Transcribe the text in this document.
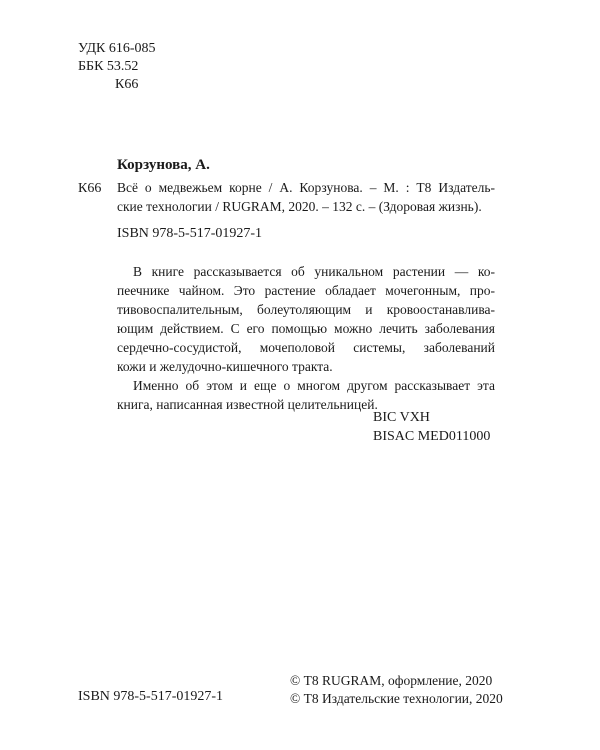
УДК 616-085
ББК 53.52
К66
Корзунова, А.
К66 Всё о медвежьем корне / А. Корзунова. – М. : Т8 Издатель-
ские технологии / RUGRAM, 2020. – 132 с. – (Здоровая жизнь).
ISBN 978-5-517-01927-1

В книге рассказывается об уникальном растении — ко-

пеечнике чайном. Это растение обладает мочегонным, про-

тивовоспалительным, болеутоляющим и кровоостанавлива-

ющим действием. С его помощью можно лечить заболевания

сердечно-сосудистой, мочеполовой системы, заболеваний

кожи и желудочно-кишечного тракта.

Именно об этом и еще о многом другом рассказывает эта

книга, написанная известной целительницей.

BIC VXH
BISAC MED011000
ISBN 978-5-517-01927-1
© Т8 RUGRAM, оформление, 2020
© Т8 Издательские технологии, 2020
